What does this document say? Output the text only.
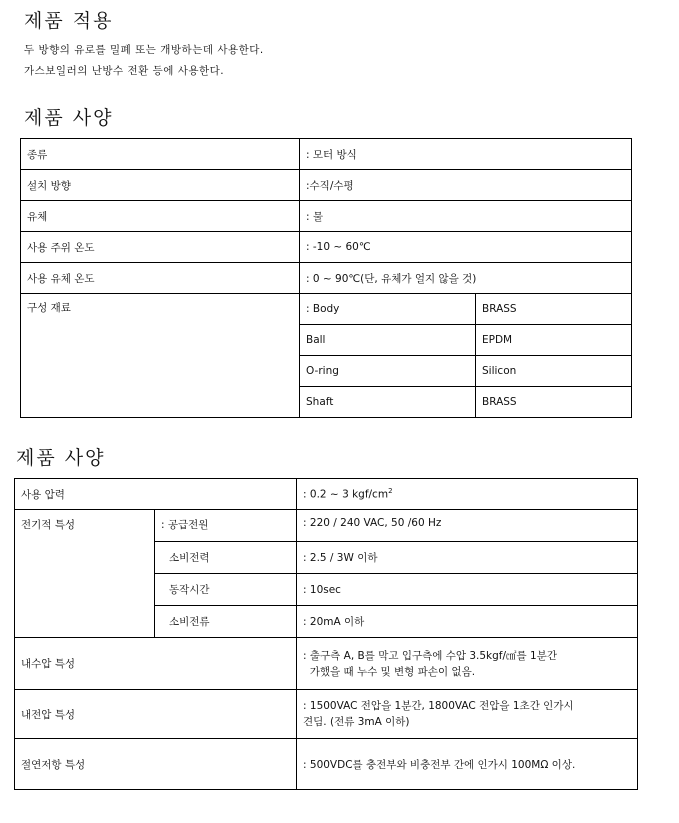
제품 적용
두 방향의 유로를 밀폐 또는 개방하는데 사용한다.
가스보일러의 난방수 전환 등에 사용한다.
제품 사양
종류	: 모터 방식	
설치 방향	:수직/수평	
유체	: 물	
사용 주위 온도	: -10 ~ 60℃	
사용 유체 온도	: 0 ~ 90℃(단, 유체가 얼지 않을 것)	
구성 재료	: Body	BRASS
	Ball	EPDM
	O-ring	Silicon
	Shaft	BRASS
제품 사양
사용 압력		: 0.2 ~ 3 kgf/$cm^2$
전기적 특성	: 공급전원	: 220 / 240 VAC, 50 /60 Hz
	소비전력	: 2.5 / 3W 이하
	동작시간	: 10sec
	소비전류	: 20mA 이하
내수압 특성		: 출구측 A, B를 막고 입구측에 수압 3.5kgf/㎠를 1분간
가했을 때 누수 및 변형 파손이 없음.

내전압 특성		: 1500VAC 전압을 1분간, 1800VAC 전압을 1초간 인가시
견딤. (전류 3mA 이하)

절연저항 특성		: 500VDC를 충전부와 비충전부 간에 인가시 100MΩ 이상.
